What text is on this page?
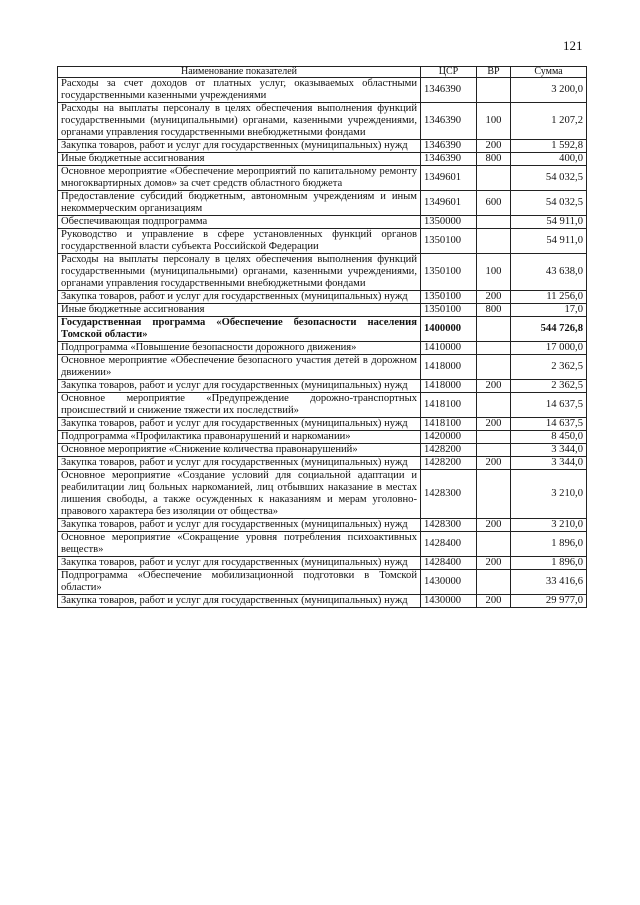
121
Наименование показателей	ЦСР	ВР	Сумма
Расходы за счет доходов от платных услуг, оказываемых областными государственными казенными учреждениями	1346390		3 200,0
Расходы на выплаты персоналу в целях обеспечения выполнения функций государственными (муниципальными) органами, казенными учреждениями, органами управления государственными внебюджетными фондами	1346390	100	1 207,2
Закупка товаров, работ и услуг для государственных (муниципальных) нужд	1346390	200	1 592,8
Иные бюджетные ассигнования	1346390	800	400,0
Основное мероприятие «Обеспечение мероприятий по капитальному ремонту многоквартирных домов» за счет средств областного бюджета	1349601		54 032,5
Предоставление субсидий бюджетным, автономным учреждениям и иным некоммерческим организациям	1349601	600	54 032,5
Обеспечивающая подпрограмма	1350000		54 911,0
Руководство и управление в сфере установленных функций органов государственной власти субъекта Российской Федерации	1350100		54 911,0
Расходы на выплаты персоналу в целях обеспечения выполнения функций государственными (муниципальными) органами, казенными учреждениями, органами управления государственными внебюджетными фондами	1350100	100	43 638,0
Закупка товаров, работ и услуг для государственных (муниципальных) нужд	1350100	200	11 256,0
Иные бюджетные ассигнования	1350100	800	17,0
Государственная программа «Обеспечение безопасности населения Томской области»	1400000		544 726,8
Подпрограмма «Повышение безопасности дорожного движения»	1410000		17 000,0
Основное мероприятие «Обеспечение безопасного участия детей в дорожном движении»	1418000		2 362,5
Закупка товаров, работ и услуг для государственных (муниципальных) нужд	1418000	200	2 362,5
Основное мероприятие «Предупреждение дорожно-транспортных происшествий и снижение тяжести их последствий»	1418100		14 637,5
Закупка товаров, работ и услуг для государственных (муниципальных) нужд	1418100	200	14 637,5
Подпрограмма «Профилактика правонарушений и наркомании»	1420000		8 450,0
Основное мероприятие «Снижение количества правонарушений»	1428200		3 344,0
Закупка товаров, работ и услуг для государственных (муниципальных) нужд	1428200	200	3 344,0
Основное мероприятие «Создание условий для социальной адаптации и реабилитации лиц больных наркоманией, лиц отбывших наказание в местах лишения свободы, а также осужденных к наказаниям и мерам уголовно-правового характера без изоляции от общества»	1428300		3 210,0
Закупка товаров, работ и услуг для государственных (муниципальных) нужд	1428300	200	3 210,0
Основное мероприятие «Сокращение уровня потребления психоактивных веществ»	1428400		1 896,0
Закупка товаров, работ и услуг для государственных (муниципальных) нужд	1428400	200	1 896,0
Подпрограмма «Обеспечение мобилизационной подготовки в Томской области»	1430000		33 416,6
Закупка товаров, работ и услуг для государственных (муниципальных) нужд	1430000	200	29 977,0
